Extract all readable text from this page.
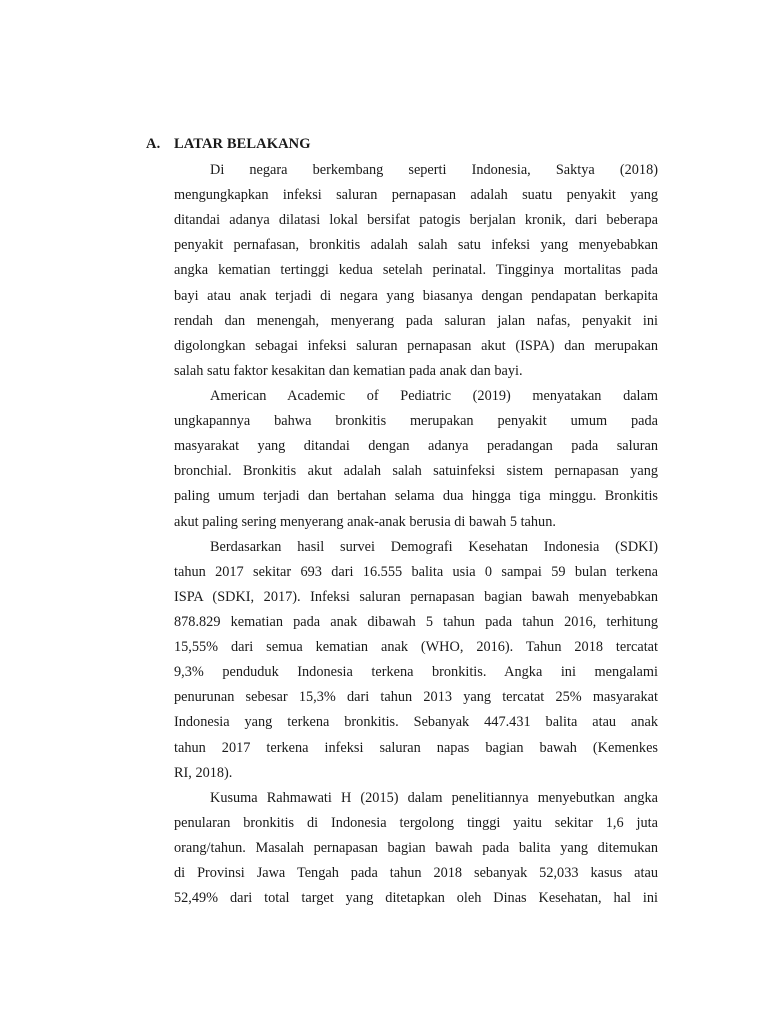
A. LATAR BELAKANG
Di negara berkembang seperti Indonesia, Saktya (2018)
mengungkapkan infeksi saluran pernapasan adalah suatu penyakit yang
ditandai adanya dilatasi lokal bersifat patogis berjalan kronik, dari beberapa
penyakit pernafasan, bronkitis adalah salah satu infeksi yang menyebabkan
angka kematian tertinggi kedua setelah perinatal. Tingginya mortalitas pada
bayi atau anak terjadi di negara yang biasanya dengan pendapatan berkapita
rendah dan menengah, menyerang pada saluran jalan nafas, penyakit ini
digolongkan sebagai infeksi saluran pernapasan akut (ISPA) dan merupakan
salah satu faktor kesakitan dan kematian pada anak dan bayi.
American Academic of Pediatric (2019) menyatakan dalam
ungkapannya bahwa bronkitis merupakan penyakit umum pada
masyarakat yang ditandai dengan adanya peradangan pada saluran
bronchial. Bronkitis akut adalah salah satuinfeksi sistem pernapasan yang
paling umum terjadi dan bertahan selama dua hingga tiga minggu. Bronkitis
akut paling sering menyerang anak-anak berusia di bawah 5 tahun.
Berdasarkan hasil survei Demografi Kesehatan Indonesia (SDKI)
tahun 2017 sekitar 693 dari 16.555 balita usia 0 sampai 59 bulan terkena
ISPA (SDKI, 2017). Infeksi saluran pernapasan bagian bawah menyebabkan
878.829 kematian pada anak dibawah 5 tahun pada tahun 2016, terhitung
15,55% dari semua kematian anak (WHO, 2016). Tahun 2018 tercatat
9,3% penduduk Indonesia terkena bronkitis. Angka ini mengalami
penurunan sebesar 15,3% dari tahun 2013 yang tercatat 25% masyarakat
Indonesia yang terkena bronkitis. Sebanyak 447.431 balita atau anak
tahun 2017 terkena infeksi saluran napas bagian bawah (Kemenkes
RI, 2018).
Kusuma Rahmawati H (2015) dalam penelitiannya menyebutkan angka
penularan bronkitis di Indonesia tergolong tinggi yaitu sekitar 1,6 juta
orang/tahun. Masalah pernapasan bagian bawah pada balita yang ditemukan
di Provinsi Jawa Tengah pada tahun 2018 sebanyak 52,033 kasus atau
52,49% dari total target yang ditetapkan oleh Dinas Kesehatan, hal ini
